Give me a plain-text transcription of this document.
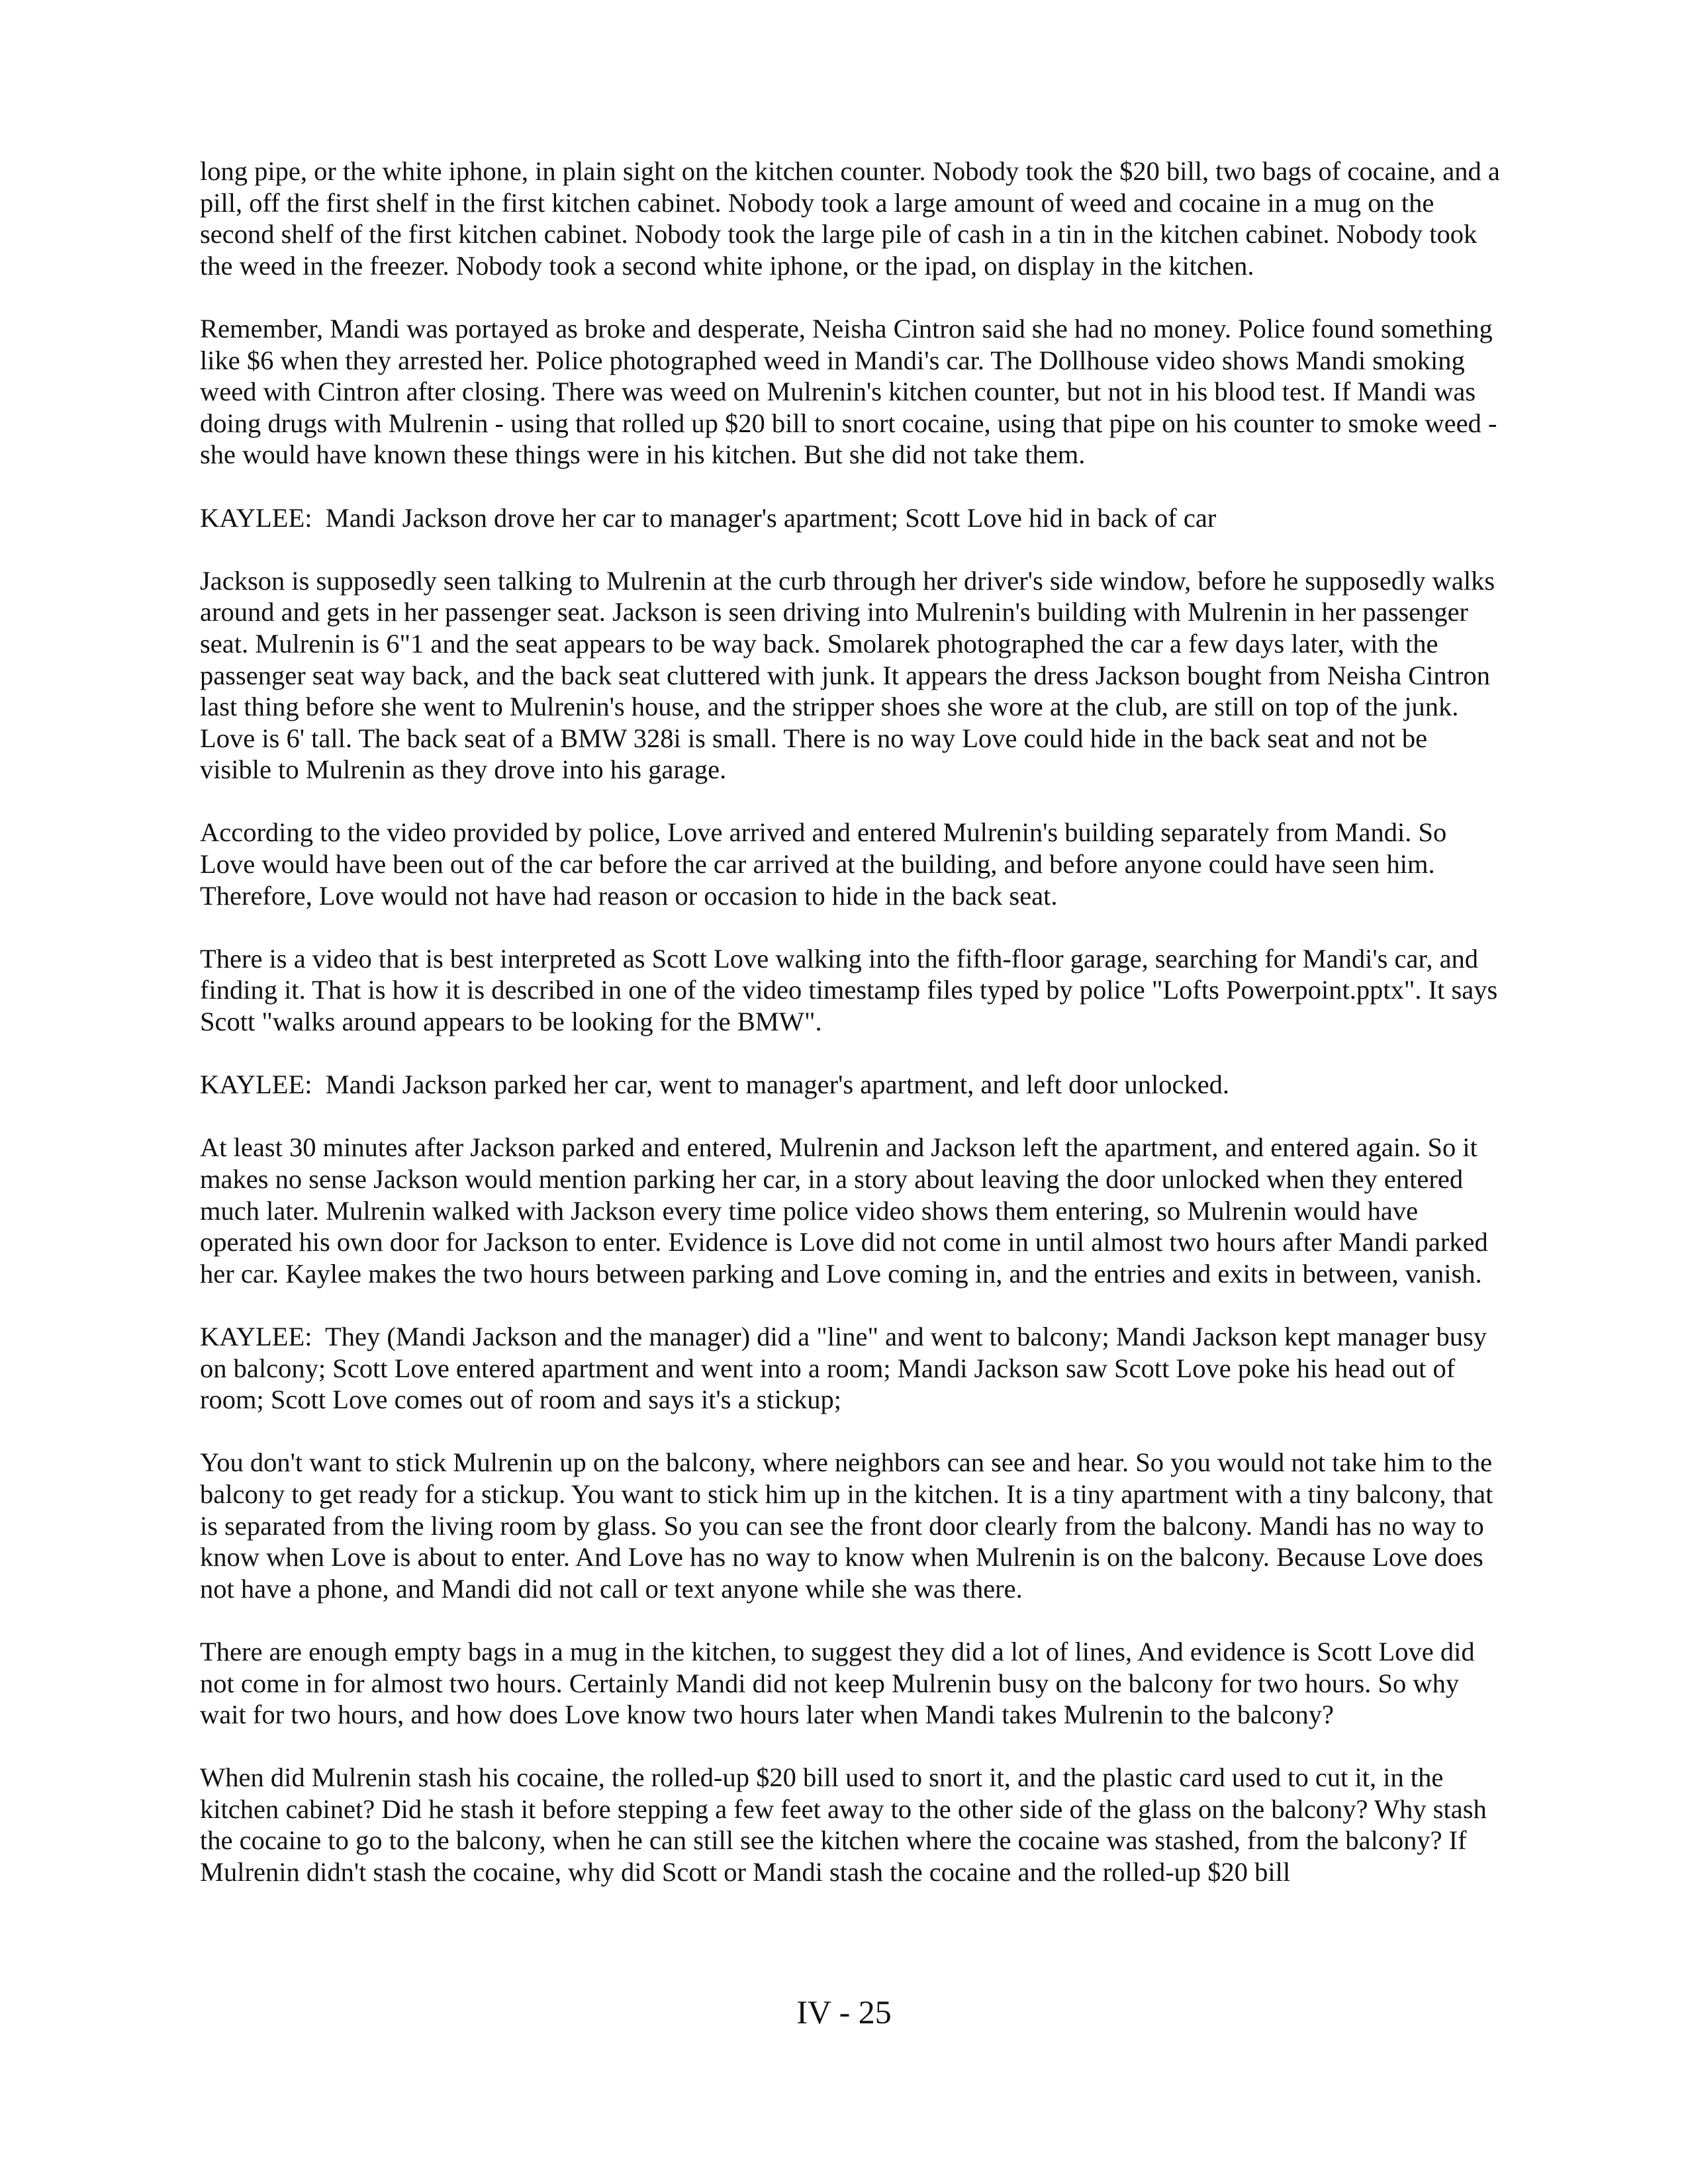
long pipe, or the white iphone, in plain sight on the kitchen counter. Nobody took the $20 bill, two bags of cocaine, and a pill, off the first shelf in the first kitchen cabinet. Nobody took a large amount of weed and cocaine in a mug on the second shelf of the first kitchen cabinet. Nobody took the large pile of cash in a tin in the kitchen cabinet. Nobody took the weed in the freezer. Nobody took a second white iphone, or the ipad, on display in the kitchen.

Remember, Mandi was portayed as broke and desperate, Neisha Cintron said she had no money. Police found something like $6 when they arrested her. Police photographed weed in Mandi's car. The Dollhouse video shows Mandi smoking weed with Cintron after closing. There was weed on Mulrenin's kitchen counter, but not in his blood test. If Mandi was doing drugs with Mulrenin - using that rolled up $20 bill to snort cocaine, using that pipe on his counter to smoke weed - she would have known these things were in his kitchen. But she did not take them.

KAYLEE:  Mandi Jackson drove her car to manager's apartment; Scott Love hid in back of car

Jackson is supposedly seen talking to Mulrenin at the curb through her driver's side window, before he supposedly walks around and gets in her passenger seat. Jackson is seen driving into Mulrenin's building with Mulrenin in her passenger seat. Mulrenin is 6"1 and the seat appears to be way back. Smolarek photographed the car a few days later, with the passenger seat way back, and the back seat cluttered with junk. It appears the dress Jackson bought from Neisha Cintron last thing before she went to Mulrenin's house, and the stripper shoes she wore at the club, are still on top of the junk. Love is 6' tall. The back seat of a BMW 328i is small. There is no way Love could hide in the back seat and not be visible to Mulrenin as they drove into his garage.

According to the video provided by police, Love arrived and entered Mulrenin's building separately from Mandi. So Love would have been out of the car before the car arrived at the building, and before anyone could have seen him. Therefore, Love would not have had reason or occasion to hide in the back seat.

There is a video that is best interpreted as Scott Love walking into the fifth-floor garage, searching for Mandi's car, and finding it. That is how it is described in one of the video timestamp files typed by police "Lofts Powerpoint.pptx". It says Scott "walks around appears to be looking for the BMW".

KAYLEE:  Mandi Jackson parked her car, went to manager's apartment, and left door unlocked.

At least 30 minutes after Jackson parked and entered, Mulrenin and Jackson left the apartment, and entered again. So it makes no sense Jackson would mention parking her car, in a story about leaving the door unlocked when they entered much later. Mulrenin walked with Jackson every time police video shows them entering, so Mulrenin would have operated his own door for Jackson to enter. Evidence is Love did not come in until almost two hours after Mandi parked her car. Kaylee makes the two hours between parking and Love coming in, and the entries and exits in between, vanish.

KAYLEE:  They (Mandi Jackson and the manager) did a "line" and went to balcony; Mandi Jackson kept manager busy on balcony; Scott Love entered apartment and went into a room; Mandi Jackson saw Scott Love poke his head out of room; Scott Love comes out of room and says it's a stickup;

You don't want to stick Mulrenin up on the balcony, where neighbors can see and hear. So you would not take him to the balcony to get ready for a stickup. You want to stick him up in the kitchen. It is a tiny apartment with a tiny balcony, that is separated from the living room by glass. So you can see the front door clearly from the balcony. Mandi has no way to know when Love is about to enter. And Love has no way to know when Mulrenin is on the balcony. Because Love does not have a phone, and Mandi did not call or text anyone while she was there.

There are enough empty bags in a mug in the kitchen, to suggest they did a lot of lines, And evidence is Scott Love did not come in for almost two hours. Certainly Mandi did not keep Mulrenin busy on the balcony for two hours. So why wait for two hours, and how does Love know two hours later when Mandi takes Mulrenin to the balcony?

When did Mulrenin stash his cocaine, the rolled-up $20 bill used to snort it, and the plastic card used to cut it, in the kitchen cabinet? Did he stash it before stepping a few feet away to the other side of the glass on the balcony? Why stash the cocaine to go to the balcony, when he can still see the kitchen where the cocaine was stashed, from the balcony? If Mulrenin didn't stash the cocaine, why did Scott or Mandi stash the cocaine and the rolled-up $20 bill

IV - 25
